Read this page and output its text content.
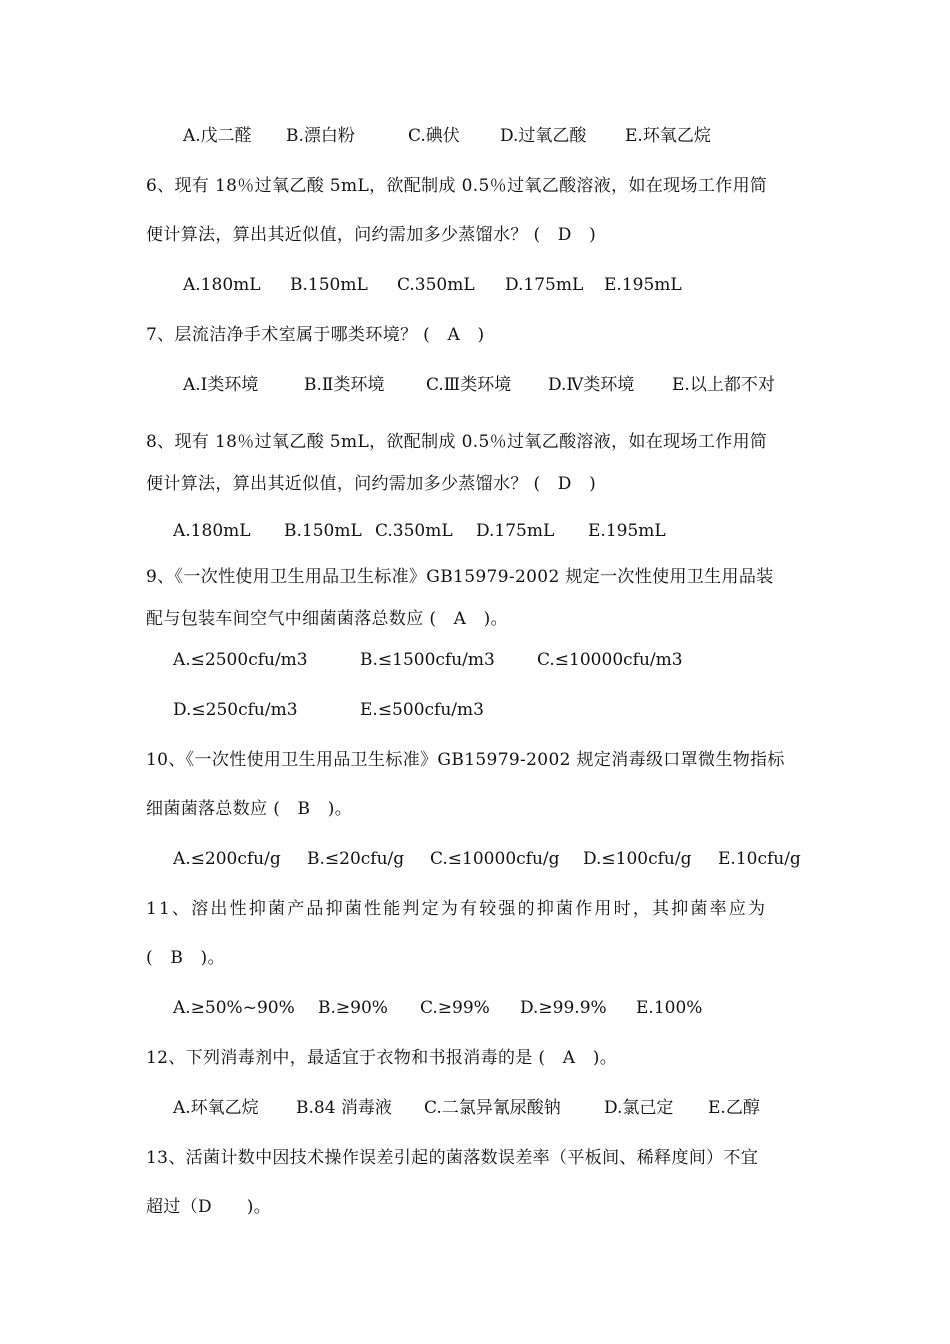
A.戊二醛 B.漂白粉	C.碘伏 D.过氧乙酸 E.环氧乙烷
6、现有 18％过氧乙酸 5mL，欲配制成 0.5％过氧乙酸溶液，如在现场工作用简
便计算法，算出其近似值，问约需加多少蒸馏水？ (　D　)
A.180mL B.150mL C.350mL D.175mL E.195mL
7、层流洁净手术室属于哪类环境？ (　A　)
A.Ⅰ类环境	B.Ⅱ类环境 C.Ⅲ类环境 D.Ⅳ类环境 E.以上都不对
8、现有 18％过氧乙酸 5mL，欲配制成 0.5％过氧乙酸溶液，如在现场工作用简
便计算法，算出其近似值，问约需加多少蒸馏水？ (　D　)
A.180mL B.150mL C.350mL D.175mL E.195mL
9、《一次性使用卫生用品卫生标准》GB15979-2002 规定一次性使用卫生用品装
配与包装车间空气中细菌菌落总数应 (　A　)。
A.≤2500cfu/m3	B.≤1500cfu/m3 C.≤10000cfu/m3
D.≤250cfu/m3	E.≤500cfu/m3
10、《一次性使用卫生用品卫生标准》GB15979-2002 规定消毒级口罩微生物指标
细菌菌落总数应 (　B　)。
A.≤200cfu/g B.≤20cfu/g C.≤10000cfu/g D.≤100cfu/g E.10cfu/g
11、溶出性抑菌产品抑菌性能判定为有较强的抑菌作用时，其抑菌率应为
(　B　)。
A.≥50%~90% B.≥90% C.≥99% D.≥99.9% E.100%
12、下列消毒剂中，最适宜于衣物和书报消毒的是 (　A　)。
A.环氧乙烷 B.84 消毒液 C.二氯异氰尿酸钠	D.氯己定 E.乙醇
13、活菌计数中因技术操作误差引起的菌落数误差率（平板间、稀释度间）不宜
超过（D　　)。
